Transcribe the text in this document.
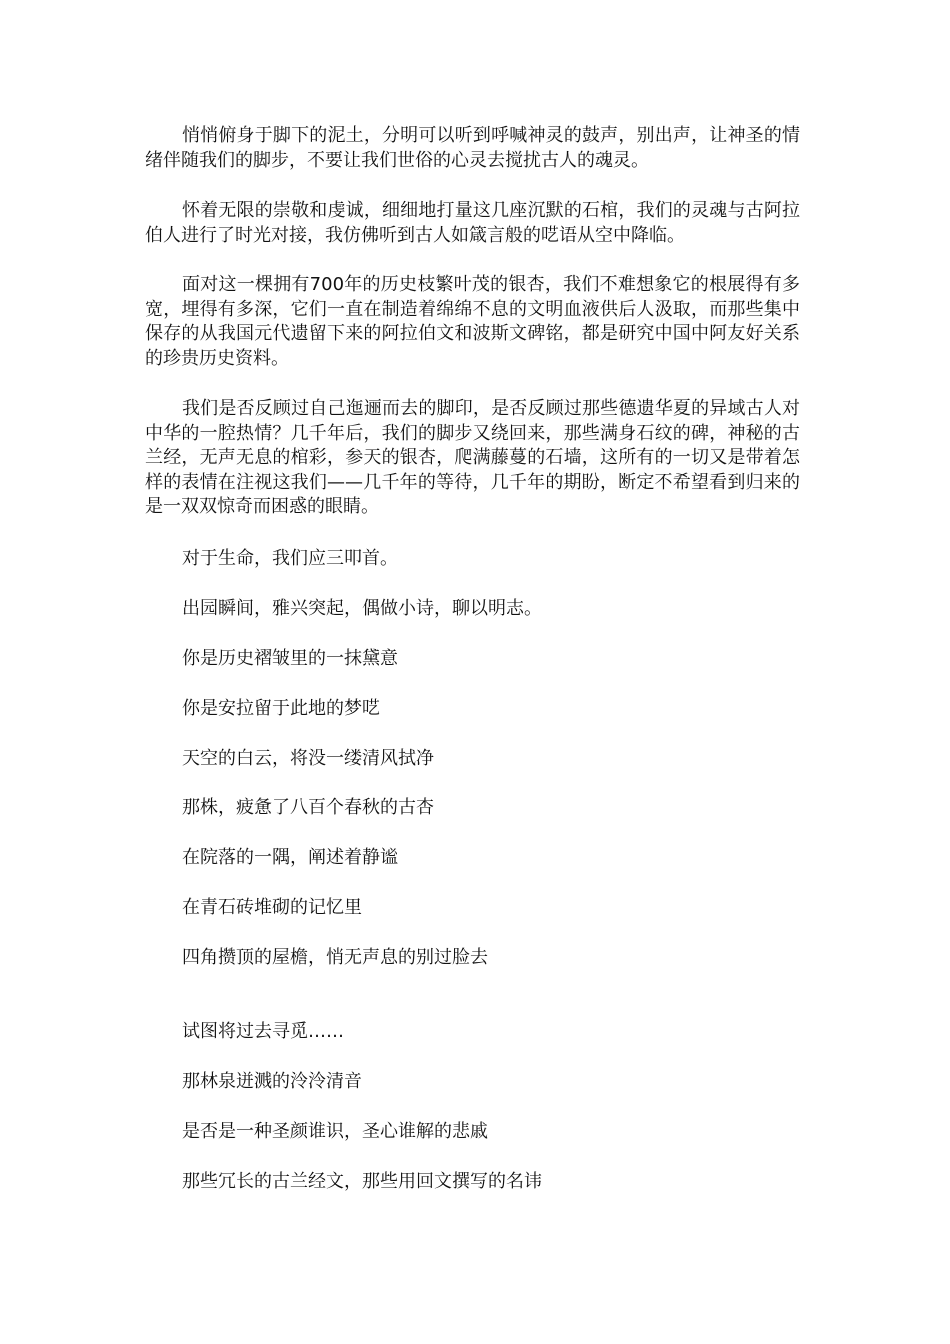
悄悄俯身于脚下的泥土，分明可以听到呼喊神灵的鼓声，别出声，让神圣的情绪伴随我们的脚步，不要让我们世俗的心灵去搅扰古人的魂灵。

怀着无限的崇敬和虔诚，细细地打量这几座沉默的石棺，我们的灵魂与古阿拉伯人进行了时光对接，我仿佛听到古人如箴言般的呓语从空中降临。

面对这一棵拥有700年的历史枝繁叶茂的银杏，我们不难想象它的根展得有多宽，埋得有多深，它们一直在制造着绵绵不息的文明血液供后人汲取，而那些集中保存的从我国元代遗留下来的阿拉伯文和波斯文碑铭，都是研究中国中阿友好关系的珍贵历史资料。

我们是否反顾过自己迤逦而去的脚印，是否反顾过那些德遗华夏的异域古人对中华的一腔热情？几千年后，我们的脚步又绕回来，那些满身石纹的碑，神秘的古兰经，无声无息的棺彩，参天的银杏，爬满藤蔓的石墙，这所有的一切又是带着怎样的表情在注视这我们——几千年的等待，几千年的期盼，断定不希望看到归来的是一双双惊奇而困惑的眼睛。

对于生命，我们应三叩首。

出园瞬间，雅兴突起，偶做小诗，聊以明志。

你是历史褶皱里的一抹黛意

你是安拉留于此地的梦呓

天空的白云，将没一缕清风拭净

那株，疲惫了八百个春秋的古杏

在院落的一隅，阐述着静谧

在青石砖堆砌的记忆里

四角攒顶的屋檐，悄无声息的别过脸去

试图将过去寻觅……

那林泉迸溅的泠泠清音

是否是一种圣颜谁识，圣心谁解的悲戚

那些冗长的古兰经文，那些用回文撰写的名讳
